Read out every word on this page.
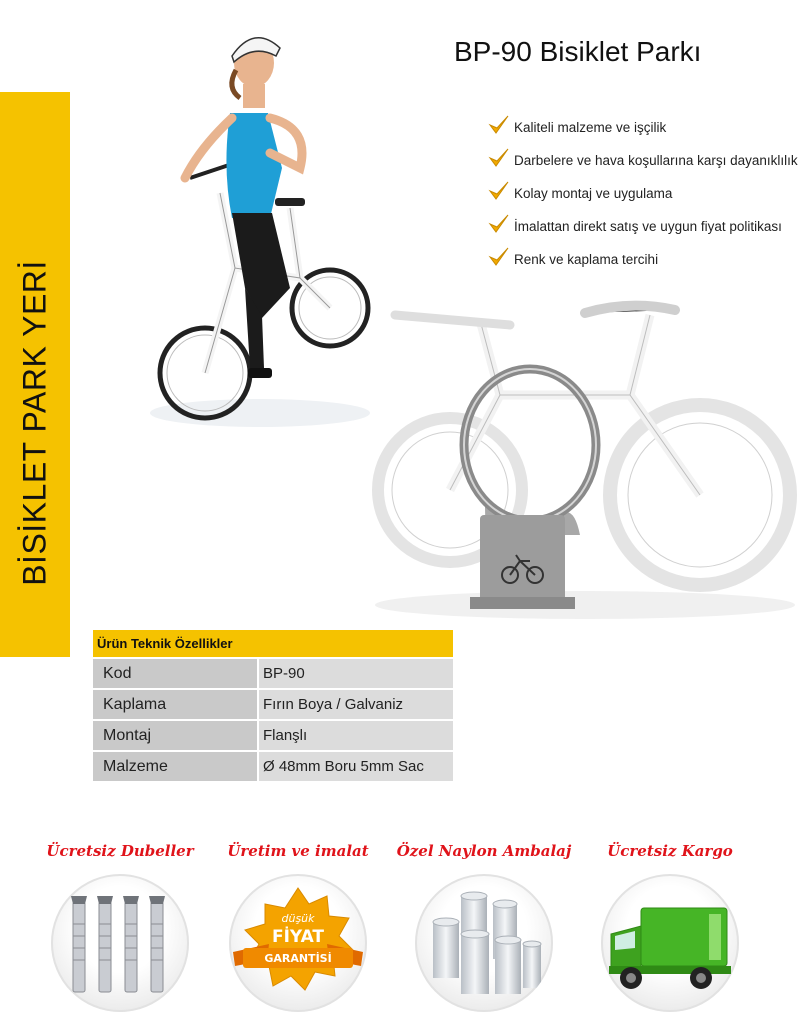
BİSİKLET PARK YERİ
BP-90 Bisiklet Parkı
Kaliteli malzeme ve işçilik
Darbelere ve hava koşullarına karşı dayanıklılık
Kolay montaj ve uygulama
İmalattan direkt satış ve uygun fiyat politikası
Renk ve kaplama tercihi
Ürün Teknik Özellikler
Kod	BP-90
Kaplama	Fırın Boya / Galvaniz
Montaj	Flanşlı
Malzeme	Ø 48mm Boru 5mm Sac
Ücretsiz Dubeller	Üretim ve imalat
düşük
FİYAT
GARANTİSİ
Özel Naylon Ambalaj	Ücretsiz Kargo
